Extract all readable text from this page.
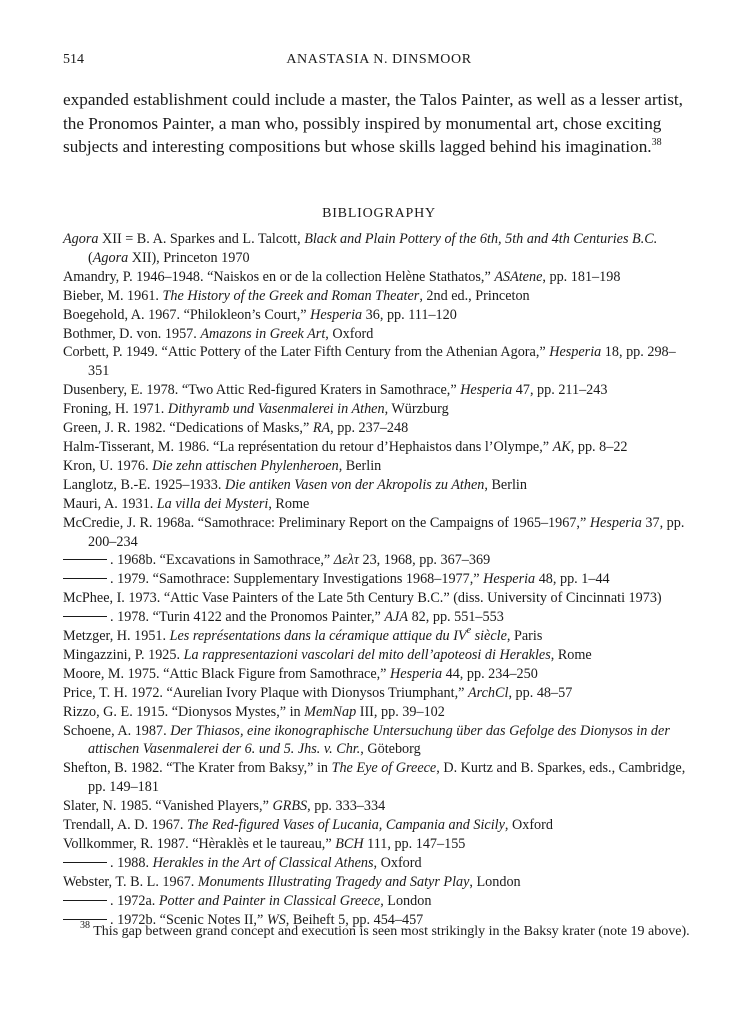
514	ANASTASIA N. DINSMOOR
expanded establishment could include a master, the Talos Painter, as well as a lesser artist,
the Pronomos Painter, a man who, possibly inspired by monumental art, chose exciting
subjects and interesting compositions but whose skills lagged behind his imagination.$^{38}$
BIBLIOGRAPHY
Agora XII = B. A. Sparkes and L. Talcott, Black and Plain Pottery of the 6th, 5th and 4th Centuries B.C. (Agora XII), Princeton 1970
Amandry, P. 1946–1948. “Naiskos en or de la collection Helène Stathatos,” ASAtene, pp. 181–198
Bieber, M. 1961. The History of the Greek and Roman Theater, 2nd ed., Princeton
Boegehold, A. 1967. “Philokleon’s Court,” Hesperia 36, pp. 111–120
Bothmer, D. von. 1957. Amazons in Greek Art, Oxford
Corbett, P. 1949. “Attic Pottery of the Later Fifth Century from the Athenian Agora,” Hesperia 18, pp. 298–351
Dusenbery, E. 1978. “Two Attic Red-figured Kraters in Samothrace,” Hesperia 47, pp. 211–243
Froning, H. 1971. Dithyramb und Vasenmalerei in Athen, Würzburg
Green, J. R. 1982. “Dedications of Masks,” RA, pp. 237–248
Halm-Tisserant, M. 1986. “La représentation du retour d’Hephaistos dans l’Olympe,” AK, pp. 8–22
Kron, U. 1976. Die zehn attischen Phylenheroen, Berlin
Langlotz, B.-E. 1925–1933. Die antiken Vasen von der Akropolis zu Athen, Berlin
Mauri, A. 1931. La villa dei Mysteri, Rome
McCredie, J. R. 1968a. “Samothrace: Preliminary Report on the Campaigns of 1965–1967,” Hesperia 37, pp. 200–234
. 1968b. “Excavations in Samothrace,” Δελτ 23, 1968, pp. 367–369
. 1979. “Samothrace: Supplementary Investigations 1968–1977,” Hesperia 48, pp. 1–44
McPhee, I. 1973. “Attic Vase Painters of the Late 5th Century B.C.” (diss. University of Cincinnati 1973)
. 1978. “Turin 4122 and the Pronomos Painter,” AJA 82, pp. 551–553
Metzger, H. 1951. Les représentations dans la céramique attique du IVe siècle, Paris
Mingazzini, P. 1925. La rappresentazioni vascolari del mito dell’apoteosi di Herakles, Rome
Moore, M. 1975. “Attic Black Figure from Samothrace,” Hesperia 44, pp. 234–250
Price, T. H. 1972. “Aurelian Ivory Plaque with Dionysos Triumphant,” ArchCl, pp. 48–57
Rizzo, G. E. 1915. “Dionysos Mystes,” in MemNap III, pp. 39–102
Schoene, A. 1987. Der Thiasos, eine ikonographische Untersuchung über das Gefolge des Dionysos in der attischen Vasenmalerei der 6. und 5. Jhs. v. Chr., Göteborg
Shefton, B. 1982. “The Krater from Baksy,” in The Eye of Greece, D. Kurtz and B. Sparkes, eds., Cambridge, pp. 149–181
Slater, N. 1985. “Vanished Players,” GRBS, pp. 333–334
Trendall, A. D. 1967. The Red-figured Vases of Lucania, Campania and Sicily, Oxford
Vollkommer, R. 1987. “Hèraklès et le taureau,” BCH 111, pp. 147–155
. 1988. Herakles in the Art of Classical Athens, Oxford
Webster, T. B. L. 1967. Monuments Illustrating Tragedy and Satyr Play, London
. 1972a. Potter and Painter in Classical Greece, London
. 1972b. “Scenic Notes II,” WS, Beiheft 5, pp. 454–457
$^{38}$ This gap between grand concept and execution is seen most strikingly in the Baksy krater (note 19 above).
